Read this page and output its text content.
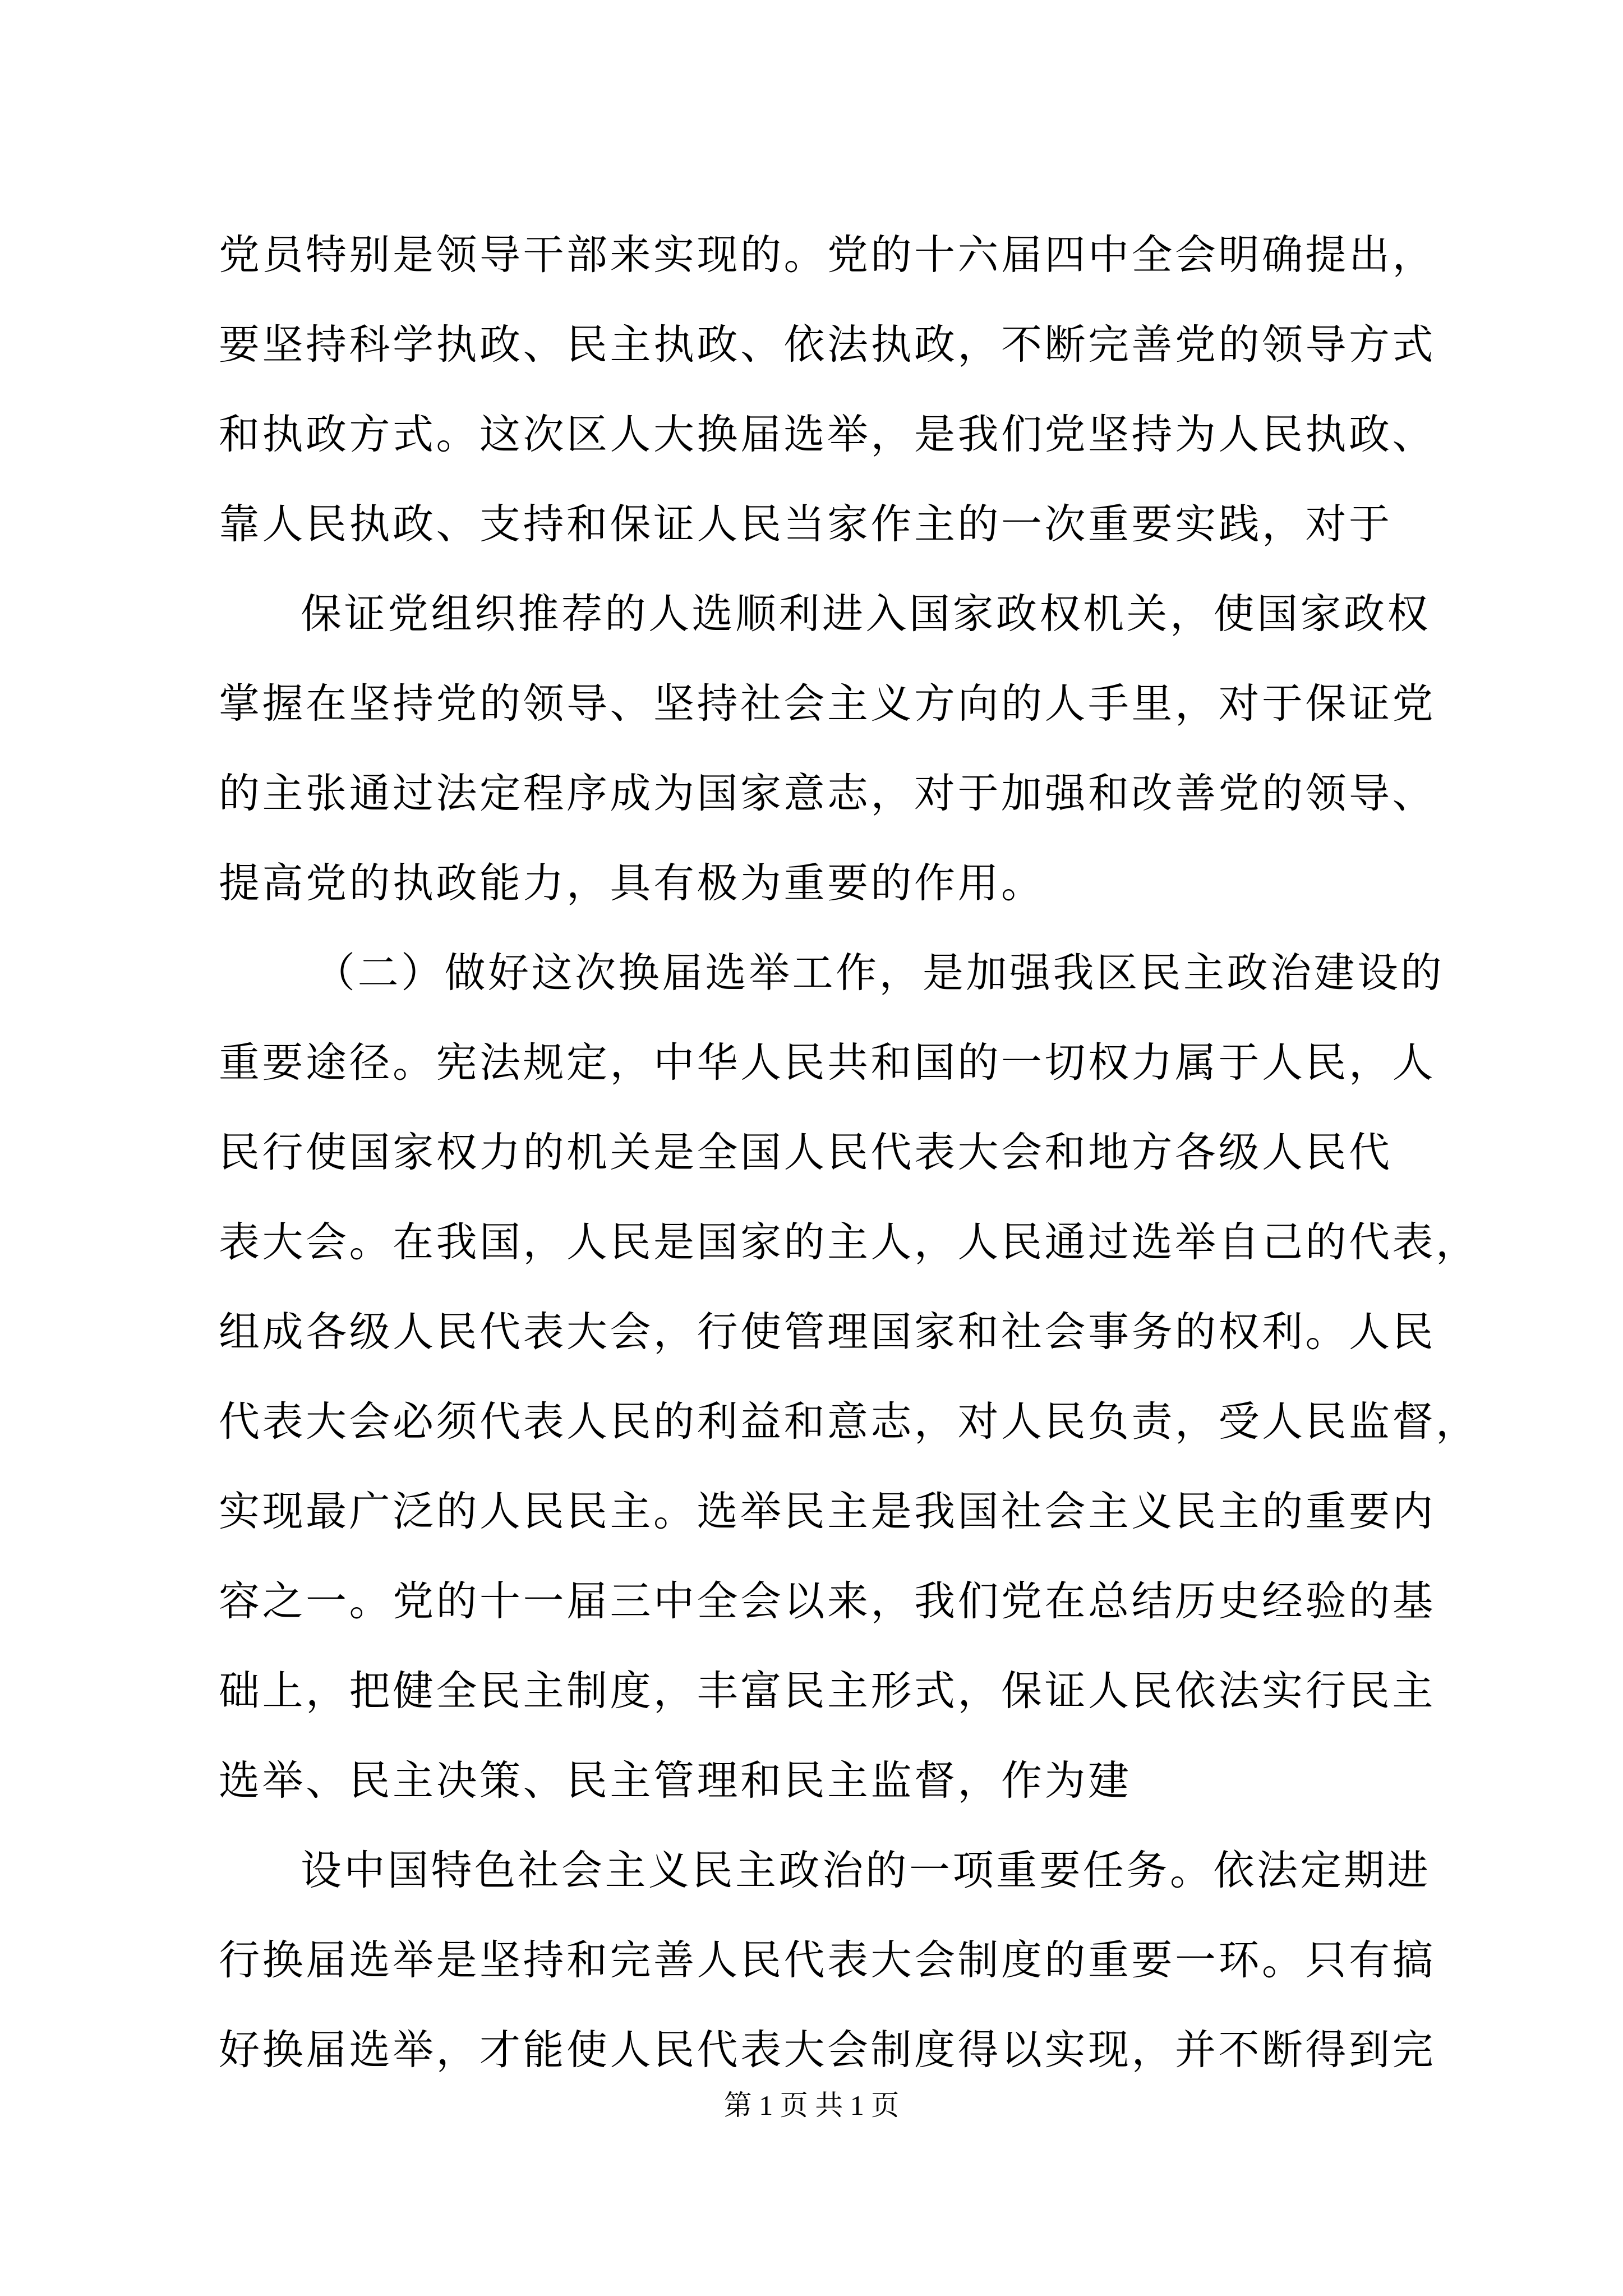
党员特别是领导干部来实现的。党的十六届四中全会明确提出，
要坚持科学执政、民主执政、依法执政，不断完善党的领导方式
和执政方式。这次区人大换届选举，是我们党坚持为人民执政、
靠人民执政、支持和保证人民当家作主的一次重要实践，对于
保证党组织推荐的人选顺利进入国家政权机关，使国家政权
掌握在坚持党的领导、坚持社会主义方向的人手里，对于保证党
的主张通过法定程序成为国家意志，对于加强和改善党的领导、
提高党的执政能力，具有极为重要的作用。
（二）做好这次换届选举工作，是加强我区民主政治建设的
重要途径。宪法规定，中华人民共和国的一切权力属于人民，人
民行使国家权力的机关是全国人民代表大会和地方各级人民代
表大会。在我国，人民是国家的主人，人民通过选举自己的代表，
组成各级人民代表大会，行使管理国家和社会事务的权利。人民
代表大会必须代表人民的利益和意志，对人民负责，受人民监督，
实现最广泛的人民民主。选举民主是我国社会主义民主的重要内
容之一。党的十一届三中全会以来，我们党在总结历史经验的基
础上，把健全民主制度，丰富民主形式，保证人民依法实行民主
选举、民主决策、民主管理和民主监督，作为建
设中国特色社会主义民主政治的一项重要任务。依法定期进
行换届选举是坚持和完善人民代表大会制度的重要一环。只有搞
好换届选举，才能使人民代表大会制度得以实现，并不断得到完
第 1 页 共 1 页
